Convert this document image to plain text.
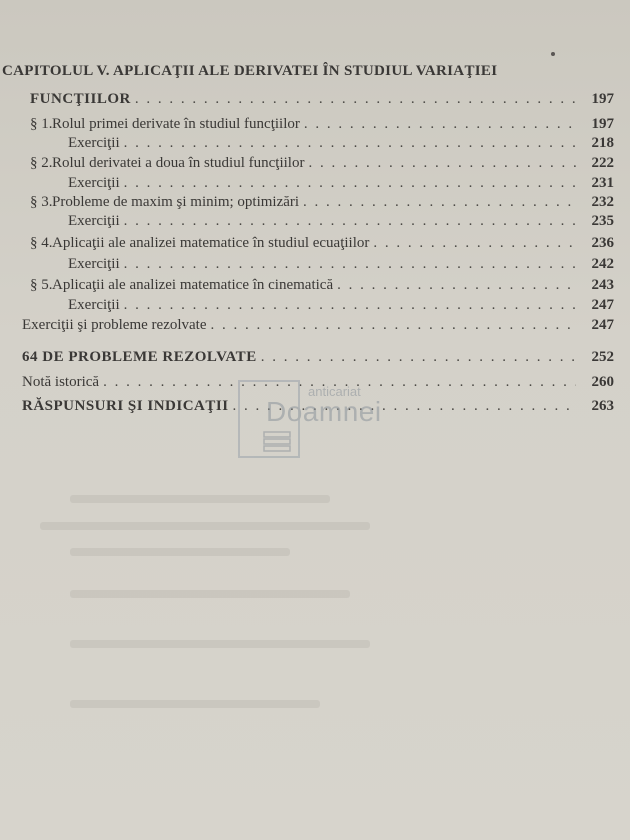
CAPITOLUL V. APLICAŢII ALE DERIVATEI ÎN STUDIUL VARIAŢIEI
FUNCŢIILOR . . .	197
§ 1. Rolul primei derivate în studiul funcţiilor . . .	197
Exerciţii . . .	218
§ 2. Rolul derivatei a doua în studiul funcţiilor . . .	222
Exerciţii . . .	231
§ 3. Probleme de maxim şi minim; optimizări . . .	232
Exerciţii . . .	235
§ 4. Aplicaţii ale analizei matematice în studiul ecuaţiilor . . .	236
Exerciţii . . .	242
§ 5. Aplicaţii ale analizei matematice în cinematică . . .	243
Exerciţii . . .	247
Exerciţii şi probleme rezolvate . . .	247
64 DE PROBLEME REZOLVATE . . .	252
Notă istorică . . .	260
RĂSPUNSURI ŞI INDICAŢII . . .	263
anticariat
Doamnei
